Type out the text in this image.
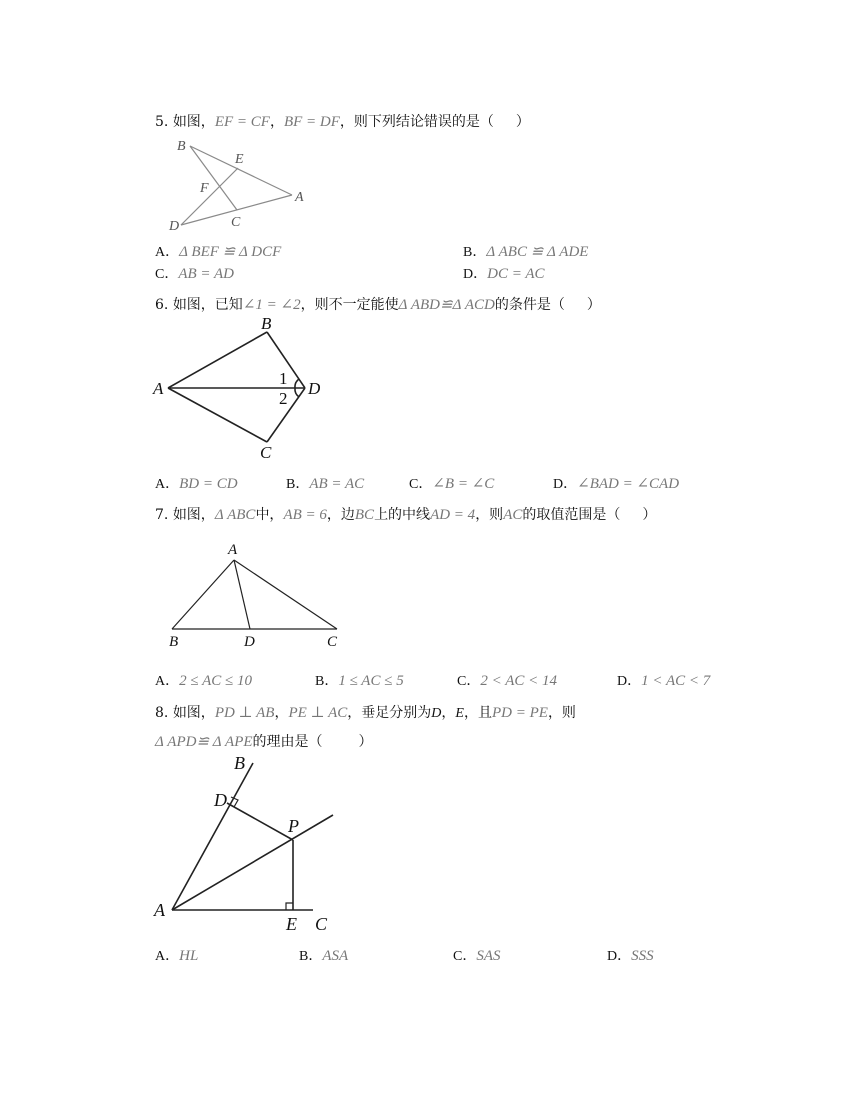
5. 如图，EF = CF，BF = DF，则下列结论错误的是（ ）
B
E
F
A
D	C
A．Δ BEF ≌ Δ DCF	B．Δ ABC ≌ Δ ADE
C．AB = AD	D．DC = AC
6. 如图，已知∠1 = ∠2，则不一定能使Δ ABD≌Δ ACD的条件是（ ）
B
A	D
C
1
2
A．BD = CD	B．AB = AC	C．∠B = ∠C	D．∠BAD = ∠CAD
7. 如图，Δ ABC中，AB = 6，边BC上的中线AD = 4，则AC的取值范围是（ ）
A
B	D	C
A．2 ≤ AC ≤ 10	B．1 ≤ AC ≤ 5	C．2 < AC < 14	D．1 < AC < 7
8. 如图，PD ⊥ AB，PE ⊥ AC，垂足分别为D，E，且PD = PE，则
Δ APD≌ Δ APE的理由是（	）
B
D
P
A
E C
A．HL	B．ASA	C．SAS	D．SSS
